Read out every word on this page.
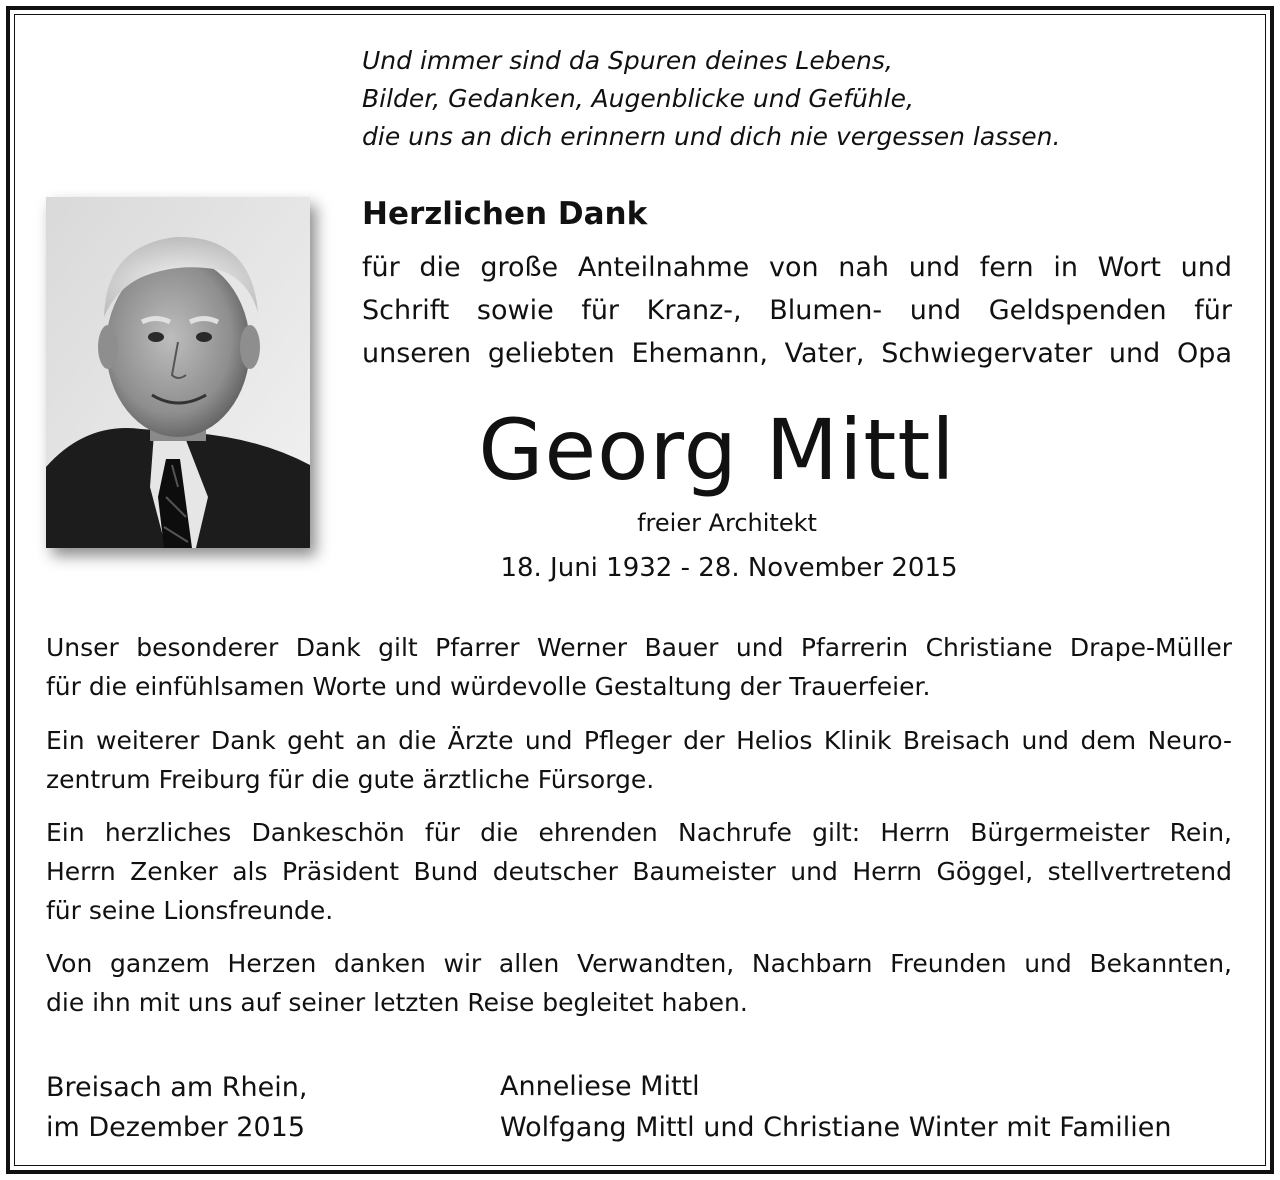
Und immer sind da Spuren deines Lebens,
Bilder, Gedanken, Augenblicke und Gefühle,
die uns an dich erinnern und dich nie vergessen lassen.
Herzlichen Dank
für die große Anteilnahme von nah und fern in Wort und
Schrift sowie für Kranz-, Blumen- und Geldspenden für
unseren geliebten Ehemann, Vater, Schwiegervater und Opa
Georg Mittl
freier Architekt
18. Juni 1932 - 28. November 2015
Unser besonderer Dank gilt Pfarrer Werner Bauer und Pfarrerin Christiane Drape-Müller
für die einfühlsamen Worte und würdevolle Gestaltung der Trauerfeier.
Ein weiterer Dank geht an die Ärzte und Pfleger der Helios Klinik Breisach und dem Neuro-
zentrum Freiburg für die gute ärztliche Fürsorge.
Ein herzliches Dankeschön für die ehrenden Nachrufe gilt: Herrn Bürgermeister Rein,
Herrn Zenker als Präsident Bund deutscher Baumeister und Herrn Göggel, stellvertretend
für seine Lionsfreunde.
Von ganzem Herzen danken wir allen Verwandten, Nachbarn Freunden und Bekannten,
die ihn mit uns auf seiner letzten Reise begleitet haben.
Breisach am Rhein,
im Dezember 2015
Anneliese Mittl
Wolfgang Mittl und Christiane Winter mit Familien
